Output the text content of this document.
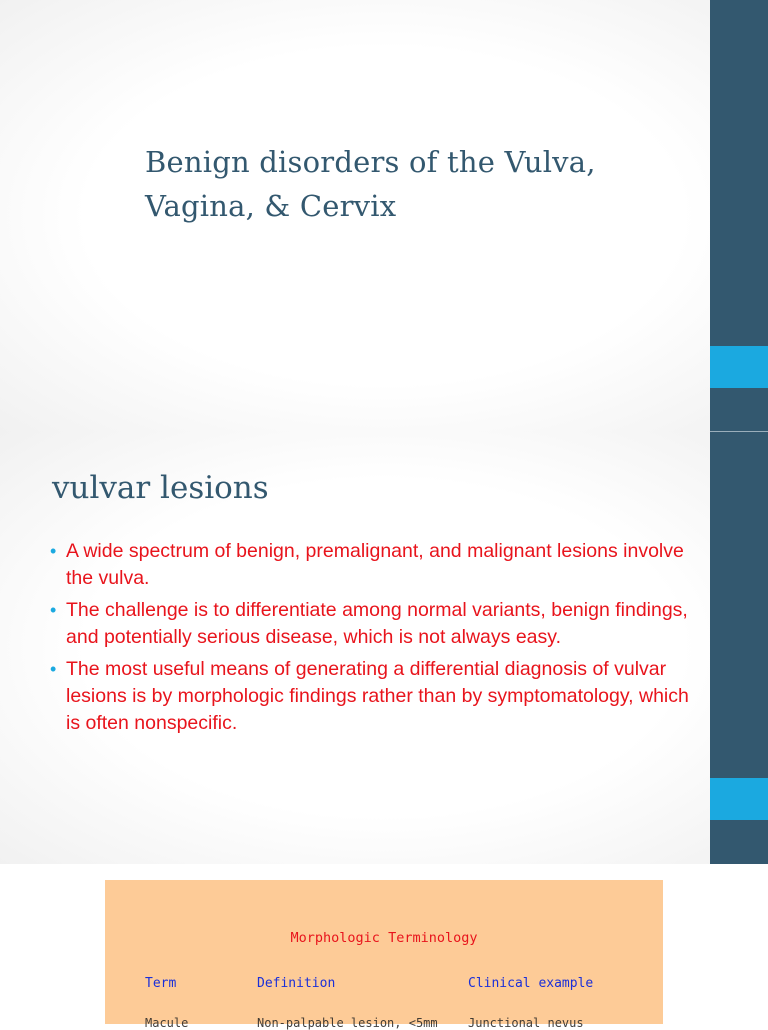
Benign disorders of the Vulva, Vagina, & Cervix
vulvar lesions
• A wide spectrum of benign, premalignant, and malignant lesions involve the vulva.
• The challenge is to differentiate among normal variants, benign findings, and potentially serious disease, which is not always easy.
• The most useful means of generating a differential diagnosis of vulvar lesions is by morphologic findings rather than by symptomatology, which is often nonspecific.
Morphologic Terminology
Term	Definition	Clinical example
Macule	Non-palpable lesion, <5mm	Junctional nevus
